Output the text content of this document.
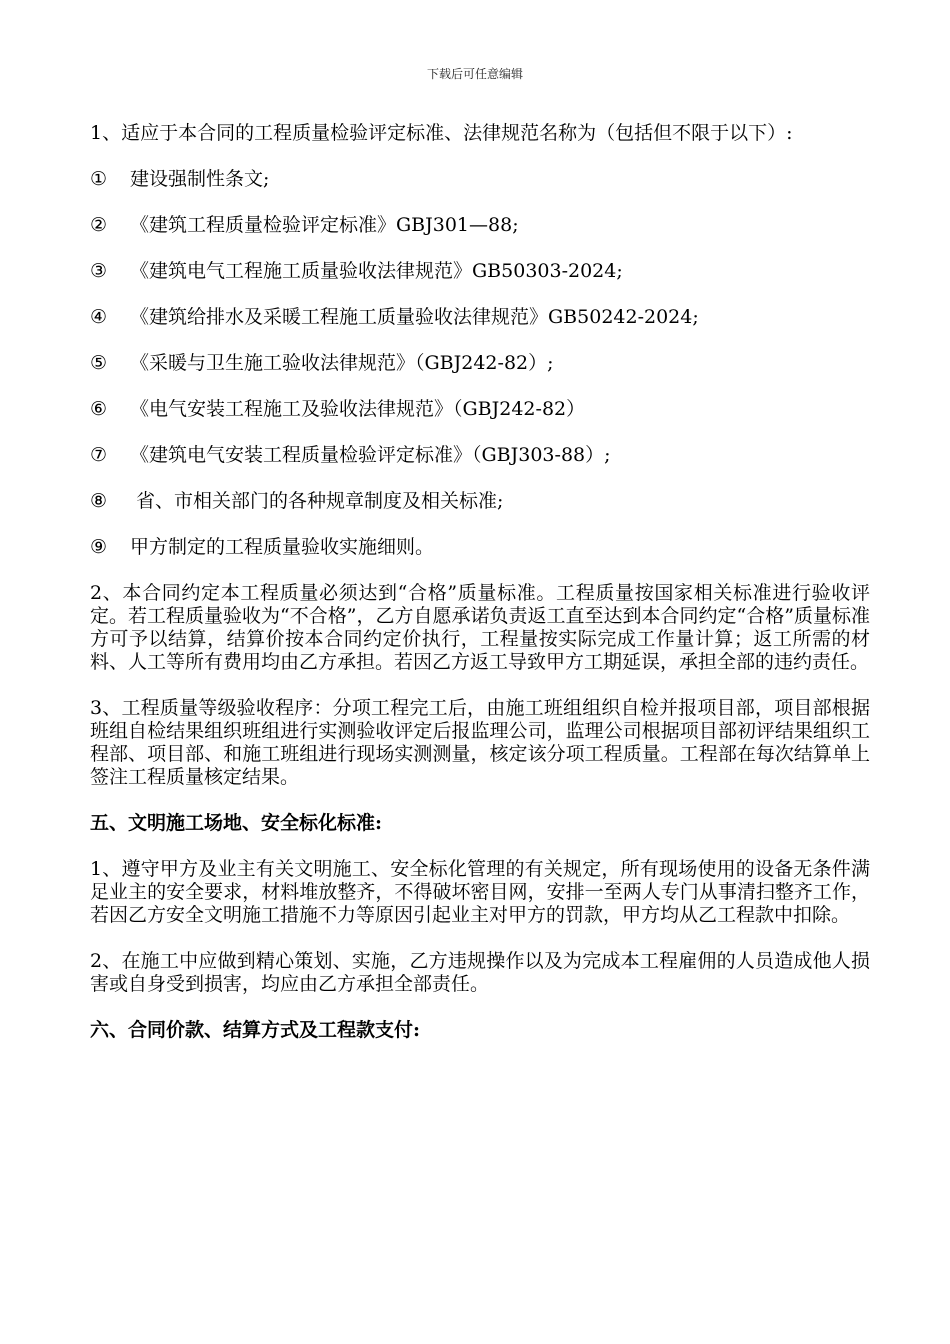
下载后可任意编辑
1、适应于本合同的工程质量检验评定标准、法律规范名称为（包括但不限于以下）:
① 建设强制性条文;
② 《建筑工程质量检验评定标准》GBJ301—88;
③ 《建筑电气工程施工质量验收法律规范》GB50303-2024;
④ 《建筑给排水及采暖工程施工质量验收法律规范》GB50242-2024;
⑤ 《采暖与卫生施工验收法律规范》（GBJ242-82）;
⑥ 《电气安装工程施工及验收法律规范》（GBJ242-82）
⑦ 《建筑电气安装工程质量检验评定标准》（GBJ303-88）;
⑧ 省、市相关部门的各种规章制度及相关标准;
⑨ 甲方制定的工程质量验收实施细则。
2、本合同约定本工程质量必须达到“合格”质量标准。工程质量按国家相关标准进行验收评定。若工程质量验收为“不合格”，乙方自愿承诺负责返工直至达到本合同约定“合格”质量标准方可予以结算，结算价按本合同约定价执行，工程量按实际完成工作量计算；返工所需的材料、人工等所有费用均由乙方承担。若因乙方返工导致甲方工期延误，承担全部的违约责任。
3、工程质量等级验收程序：分项工程完工后，由施工班组组织自检并报项目部，项目部根据班组自检结果组织班组进行实测验收评定后报监理公司，监理公司根据项目部初评结果组织工程部、项目部、和施工班组进行现场实测测量，核定该分项工程质量。工程部在每次结算单上签注工程质量核定结果。
五、文明施工场地、安全标化标准:
1、遵守甲方及业主有关文明施工、安全标化管理的有关规定，所有现场使用的设备无条件满足业主的安全要求，材料堆放整齐，不得破坏密目网，安排一至两人专门从事清扫整齐工作，若因乙方安全文明施工措施不力等原因引起业主对甲方的罚款，甲方均从乙工程款中扣除。
2、在施工中应做到精心策划、实施，乙方违规操作以及为完成本工程雇佣的人员造成他人损害或自身受到损害，均应由乙方承担全部责任。
六、合同价款、结算方式及工程款支付:
